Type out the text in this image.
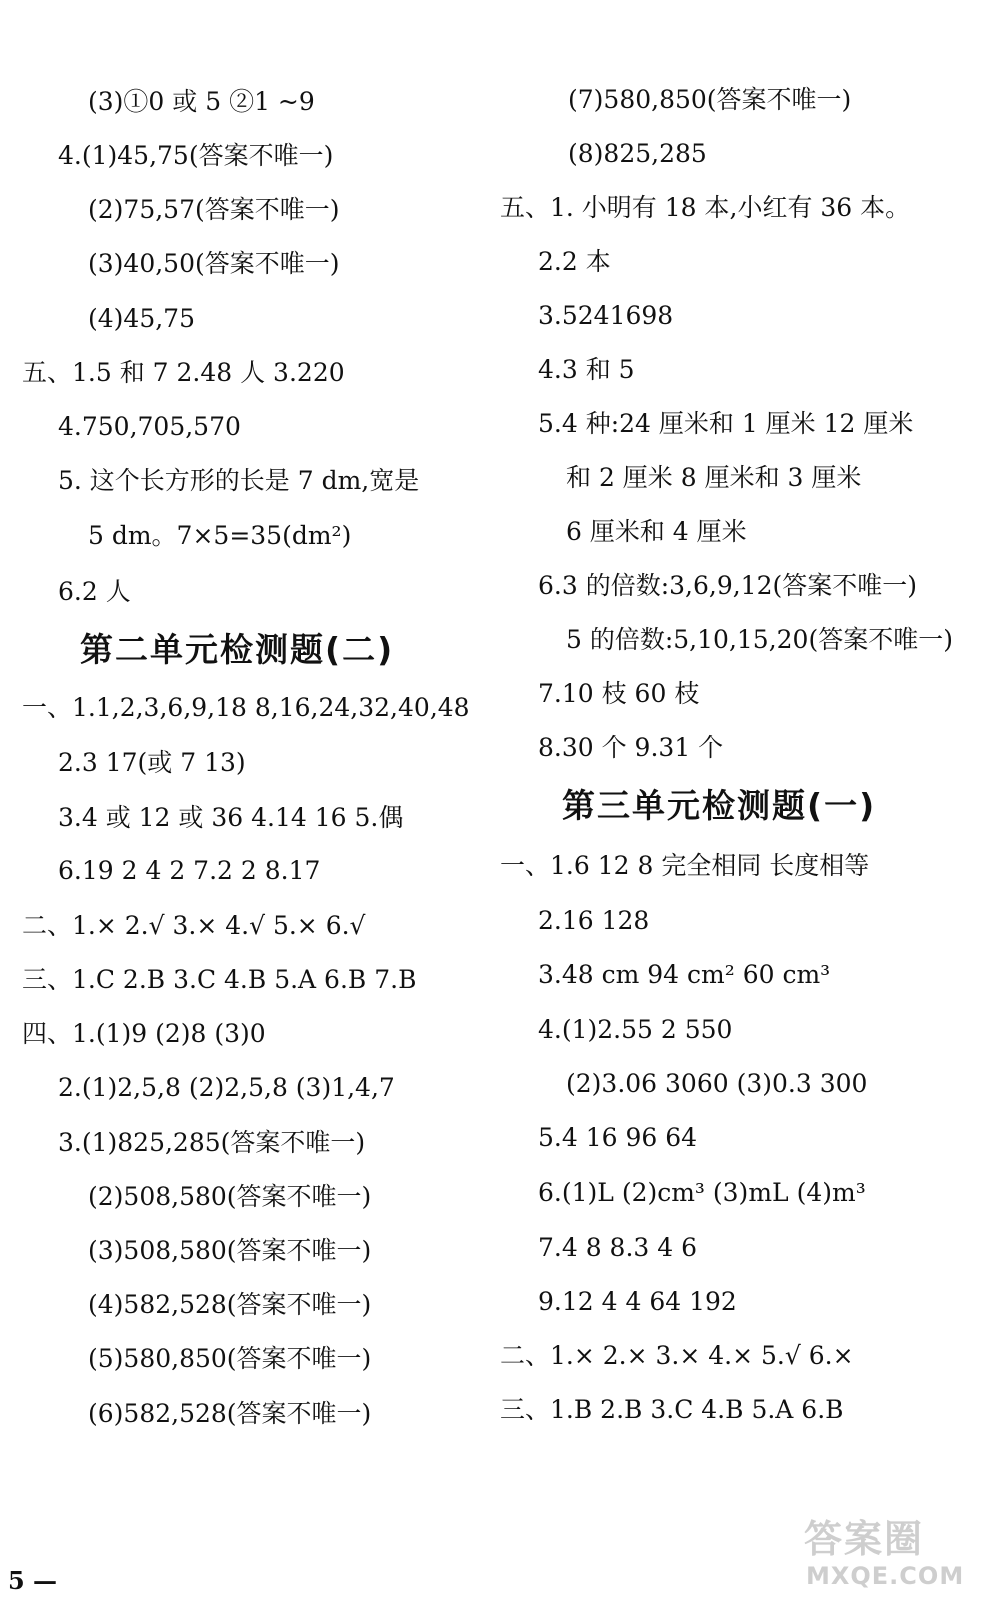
第二单元检测题(二)
(3)①0 或 5 ②1 ~9
4.(1)45,75(答案不唯一)
(2)75,57(答案不唯一)
(3)40,50(答案不唯一)
(4)45,75
五、1.5 和 7 2.48 人 3.220
4.750,705,570
5. 这个长方形的长是 7 dm,宽是
5 dm。7×5=35(dm²)
6.2 人
一、1.1,2,3,6,9,18 8,16,24,32,40,48
2.3 17(或 7 13)
3.4 或 12 或 36 4.14 16 5.偶
6.19 2 4 2 7.2 2 8.17
二、1.× 2.√ 3.× 4.√ 5.× 6.√
三、1.C 2.B 3.C 4.B 5.A 6.B 7.B
四、1.(1)9 (2)8 (3)0
2.(1)2,5,8 (2)2,5,8 (3)1,4,7
3.(1)825,285(答案不唯一)
(2)508,580(答案不唯一)
(3)508,580(答案不唯一)
(4)582,528(答案不唯一)
(5)580,850(答案不唯一)
(6)582,528(答案不唯一)
第三单元检测题(一)
(7)580,850(答案不唯一)
(8)825,285
五、1. 小明有 18 本,小红有 36 本。
2.2 本
3.5241698
4.3 和 5
5.4 种:24 厘米和 1 厘米 12 厘米
和 2 厘米 8 厘米和 3 厘米
6 厘米和 4 厘米
6.3 的倍数:3,6,9,12(答案不唯一)
5 的倍数:5,10,15,20(答案不唯一)
7.10 枝 60 枝
8.30 个 9.31 个
一、1.6 12 8 完全相同 长度相等
2.16 128
3.48 cm 94 cm² 60 cm³
4.(1)2.55 2 550
(2)3.06 3060 (3)0.3 300
5.4 16 96 64
6.(1)L (2)cm³ (3)mL (4)m³
7.4 8 8.3 4 6
9.12 4 4 64 192
二、1.× 2.× 3.× 4.× 5.√ 6.×
三、1.B 2.B 3.C 4.B 5.A 6.B
5 —
答案圈
MXQE.COM
